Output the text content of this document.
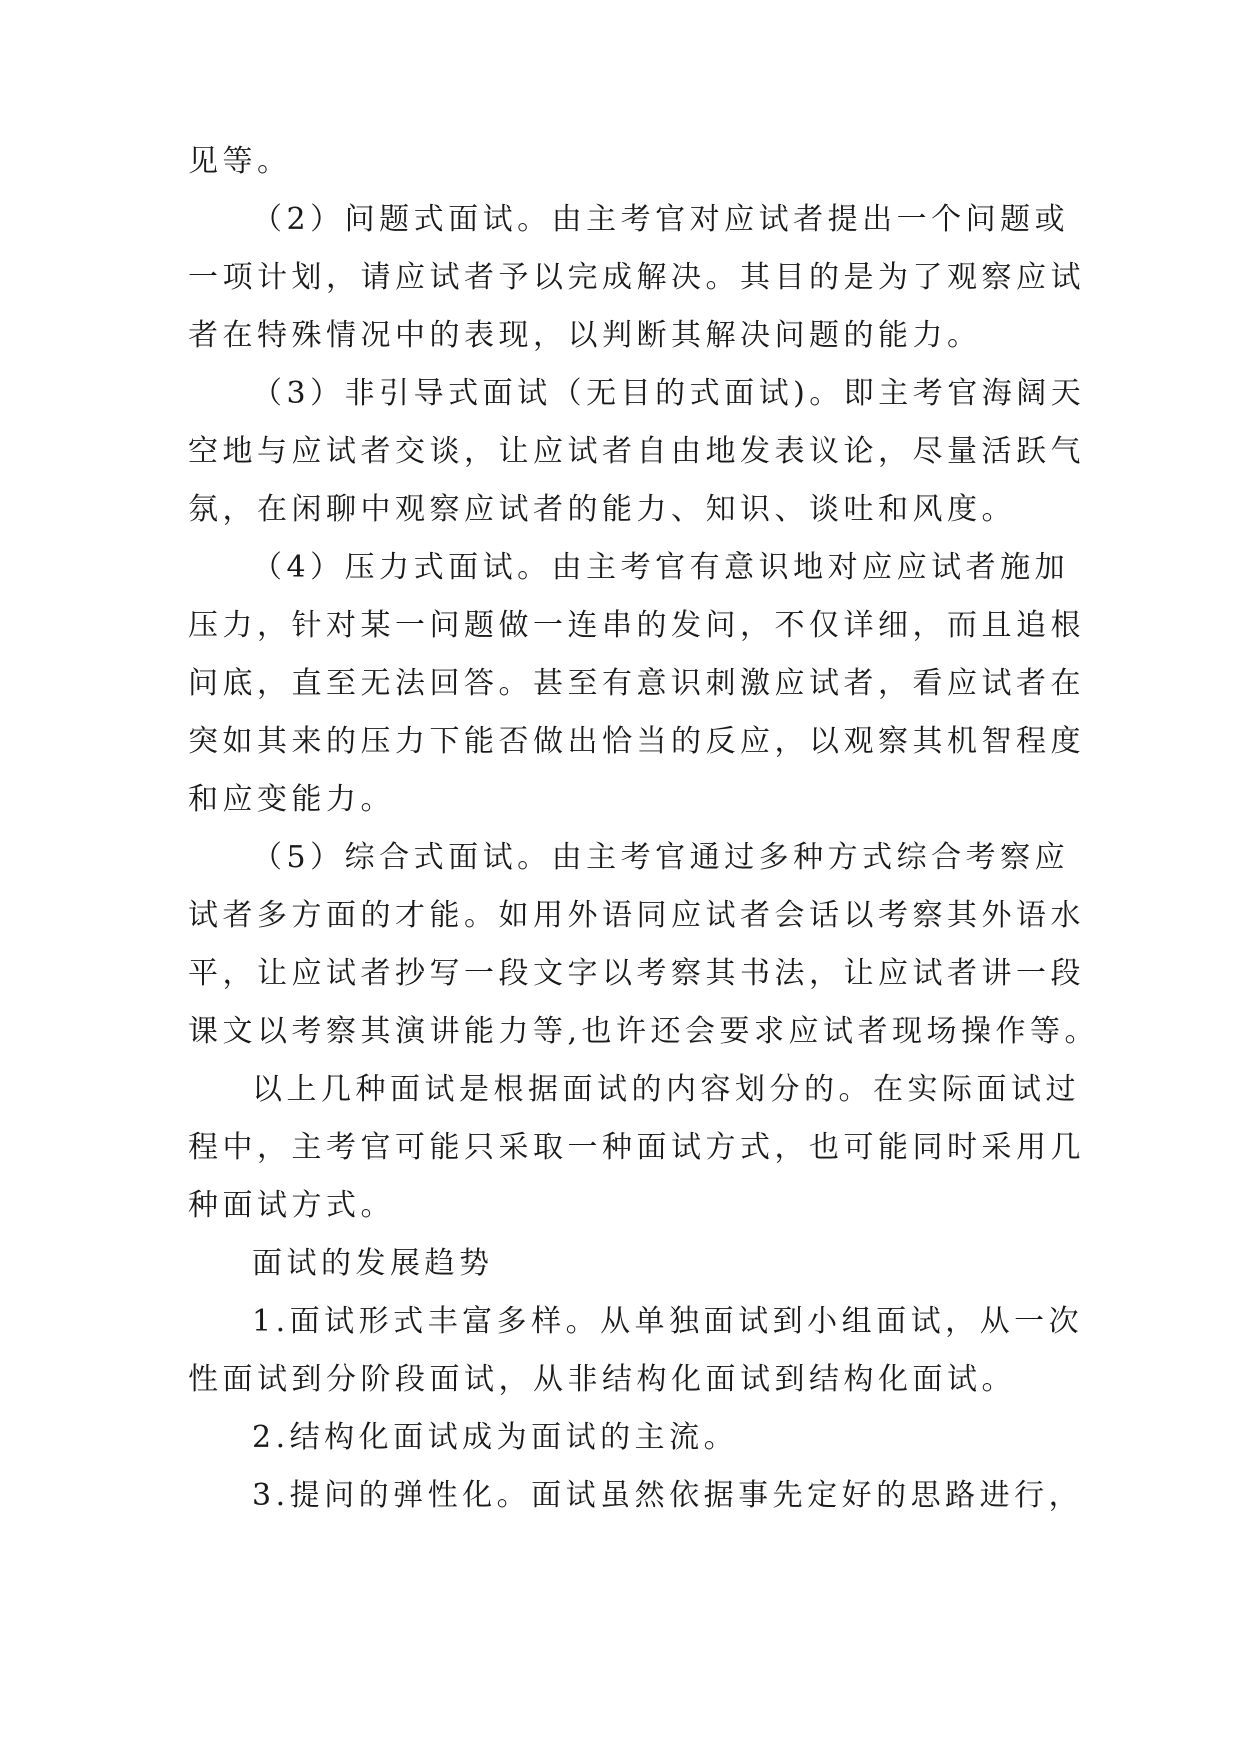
见等。
（2）问题式面试。由主考官对应试者提出一个问题或
一项计划，请应试者予以完成解决。其目的是为了观察应试
者在特殊情况中的表现，以判断其解决问题的能力。
（3）非引导式面试（无目的式面试)。即主考官海阔天
空地与应试者交谈，让应试者自由地发表议论，尽量活跃气
氛，在闲聊中观察应试者的能力、知识、谈吐和风度。
（4）压力式面试。由主考官有意识地对应应试者施加
压力，针对某一问题做一连串的发问，不仅详细，而且追根
问底，直至无法回答。甚至有意识刺激应试者，看应试者在
突如其来的压力下能否做出恰当的反应，以观察其机智程度
和应变能力。
（5）综合式面试。由主考官通过多种方式综合考察应
试者多方面的才能。如用外语同应试者会话以考察其外语水
平，让应试者抄写一段文字以考察其书法，让应试者讲一段
课文以考察其演讲能力等,也许还会要求应试者现场操作等。
以上几种面试是根据面试的内容划分的。在实际面试过
程中，主考官可能只采取一种面试方式，也可能同时采用几
种面试方式。
面试的发展趋势
1.面试形式丰富多样。从单独面试到小组面试，从一次
性面试到分阶段面试，从非结构化面试到结构化面试。
2.结构化面试成为面试的主流。
3.提问的弹性化。面试虽然依据事先定好的思路进行，
